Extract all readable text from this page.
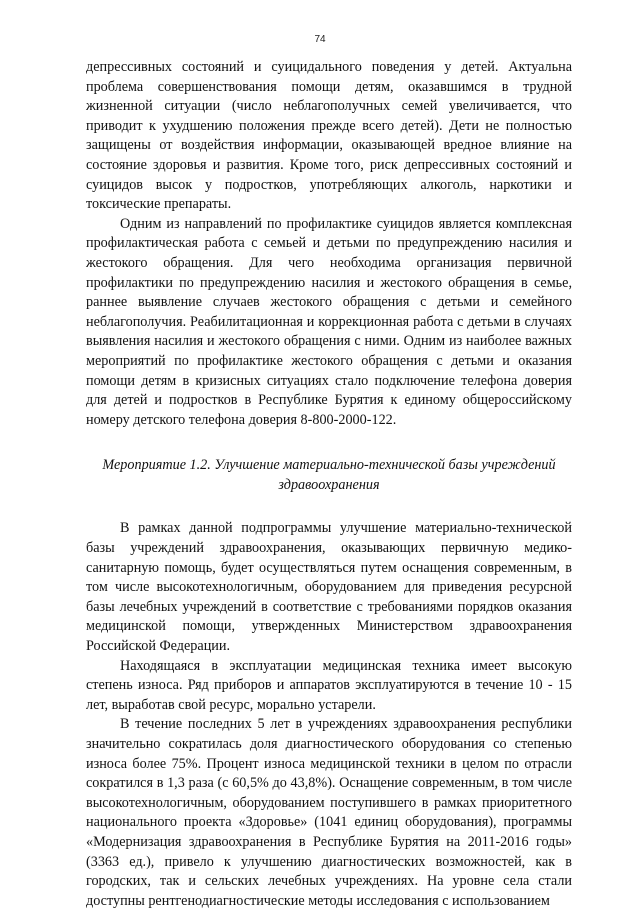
74

депрессивных состояний и суицидального поведения у детей. Актуальна проблема совершенствования помощи детям, оказавшимся в трудной жизненной ситуации (число неблагополучных семей увеличивается, что приводит к ухудшению положения прежде всего детей). Дети не полностью защищены от воздействия информации, оказывающей вредное влияние на состояние здоровья и развития. Кроме того, риск депрессивных состояний и суицидов высок у подростков, употребляющих алкоголь, наркотики и токсические препараты.

Одним из направлений по профилактике суицидов является комплексная профилактическая работа с семьей и детьми по предупреждению насилия и жестокого обращения. Для чего необходима организация первичной профилактики по предупреждению насилия и жестокого обращения в семье, раннее выявление случаев жестокого обращения с детьми и семейного неблагополучия. Реабилитационная и коррекционная работа с детьми в случаях выявления насилия и жестокого обращения с ними. Одним из наиболее важных мероприятий по профилактикe жестокого обращения с детьми и оказания помощи детям в кризисных ситуациях стало подключение телефона доверия для детей и подростков в Республике Бурятия к единому общероссийскому номеру детского телефона доверия 8-800-2000-122.

Мероприятие 1.2. Улучшение материально-технической базы учреждений здравоохранения

В рамках данной подпрограммы улучшение материально-технической базы учреждений здравоохранения, оказывающих первичную медико-санитарную помощь, будет осуществляться путем оснащения современным, в том числе высокотехнологичным, оборудованием для приведения ресурсной базы лечебных учреждений в соответствие с требованиями порядков оказания медицинской помощи, утвержденных Министерством здравоохранения Российской Федерации.

Находящаяся в эксплуатации медицинская техника имеет высокую степень износа. Ряд приборов и аппаратов эксплуатируются в течение 10 - 15 лет, выработав свой ресурс, морально устарели.

В течение последних 5 лет в учреждениях здравоохранения республики значительно сократилась доля диагностического оборудования со степенью износа более 75%. Процент износа медицинской техники в целом по отрасли сократился в 1,3 раза (с 60,5% до 43,8%). Оснащение современным, в том числе высокотехнологичным, оборудованием поступившего в рамках приоритетного национального проекта «Здоровье» (1041 единиц оборудования), программы «Модернизация здравоохранения в Республике Бурятия на 2011-2016 годы» (3363 ед.), привело к улучшению диагностических возможностей, как в городских, так и сельских лечебных учреждениях. На уровне села стали доступны рентгенодиагностические методы исследования с использованием
